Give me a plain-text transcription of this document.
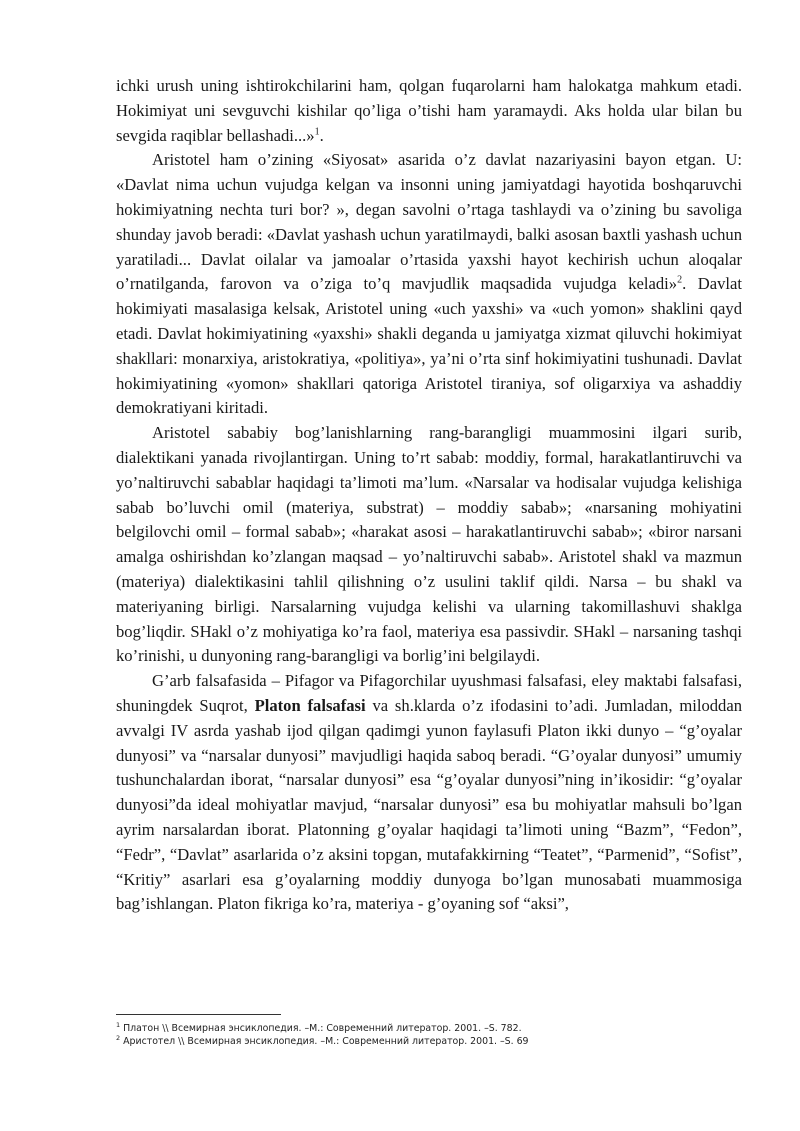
ichki urush uning ishtirokchilarini ham, qolgan fuqarolarni ham halokatga mahkum etadi. Hokimiyat uni sevguvchi kishilar qo’liga o’tishi ham yaramaydi. Aks holda ular bilan bu sevgida raqiblar bellashadi...»$^1$.

Aristotel ham o’zining «Siyosat» asarida o’z davlat nazariyasini bayon etgan. U: «Davlat nima uchun vujudga kelgan va insonni uning jamiyatdagi hayotida boshqaruvchi hokimiyatning nechta turi bor? », degan savolni o’rtaga tashlaydi va o’zining bu savoliga shunday javob beradi: «Davlat yashash uchun yaratilmaydi, balki asosan baxtli yashash uchun yaratiladi... Davlat oilalar va jamoalar o’rtasida yaxshi hayot kechirish uchun aloqalar o’rnatilganda, farovon va o’ziga to’q mavjudlik maqsadida vujudga keladi»$^2$. Davlat hokimiyati masalasiga kelsak, Aristotel uning «uch yaxshi» va «uch yomon» shaklini qayd etadi. Davlat hokimiyatining «yaxshi» shakli deganda u jamiyatga xizmat qiluvchi hokimiyat shakllari: monarxiya, aristokratiya, «politiya», ya’ni o’rta sinf hokimiyatini tushunadi. Davlat hokimiyatining «yomon» shakllari qatoriga Aristotel tiraniya, sof oligarxiya va ashaddiy demokratiyani kiritadi.

Aristotel sababiy bog’lanishlarning rang-barangligi muammosini ilgari surib, dialektikani yanada rivojlantirgan. Uning to’rt sabab: moddiy, formal, harakatlantiruvchi va yo’naltiruvchi sabablar haqidagi ta’limoti ma’lum. «Narsalar va hodisalar vujudga kelishiga sabab bo’luvchi omil (materiya, substrat) – moddiy sabab»; «narsaning mohiyatini belgilovchi omil – formal sabab»; «harakat asosi – harakatlantiruvchi sabab»; «biror narsani amalga oshirishdan ko’zlangan maqsad – yo’naltiruvchi sabab». Aristotel shakl va mazmun (materiya) dialektikasini tahlil qilishning o’z usulini taklif qildi. Narsa – bu shakl va materiyaning birligi. Narsalarning vujudga kelishi va ularning takomillashuvi shaklga bog’liqdir. SHakl o’z mohiyatiga ko’ra faol, materiya esa passivdir. SHakl – narsaning tashqi ko’rinishi, u dunyoning rang-barangligi va borlig’ini belgilaydi.

G’arb falsafasida – Pifagor va Pifagorchilar uyushmasi falsafasi, eley maktabi falsafasi, shuningdek Suqrot, Platon falsafasi va sh.klarda o’z ifodasini to’adi. Jumladan, miloddan avvalgi IV asrda yashab ijod qilgan qadimgi yunon faylasufi Platon ikki dunyo – “g’oyalar dunyosi” va “narsalar dunyosi” mavjudligi haqida saboq beradi. “G’oyalar dunyosi” umumiy tushunchalardan iborat, “narsalar dunyosi” esa “g’oyalar dunyosi”ning in’ikosidir: “g’oyalar dunyosi”da ideal mohiyatlar mavjud, “narsalar dunyosi” esa bu mohiyatlar mahsuli bo’lgan ayrim narsalardan iborat. Platonning g’oyalar haqidagi ta’limoti uning “Bazm”, “Fedon”, “Fedr”, “Davlat” asarlarida o’z aksini topgan, mutafakkirning “Teatet”, “Parmenid”, “Sofist”, “Kritiy” asarlari esa g’oyalarning moddiy dunyoga bo’lgan munosabati muammosiga bag’ishlangan. Platon fikriga ko’ra, materiya - g’oyaning sof “aksi”,

$^1$ Платон \\ Всемирная энсиклопедия. –М.: Современний литератор. 2001. –S. 782.

$^2$ Аристотел \\ Всемирная энсиклопедия. –М.: Современний литератор. 2001. –S. 69
